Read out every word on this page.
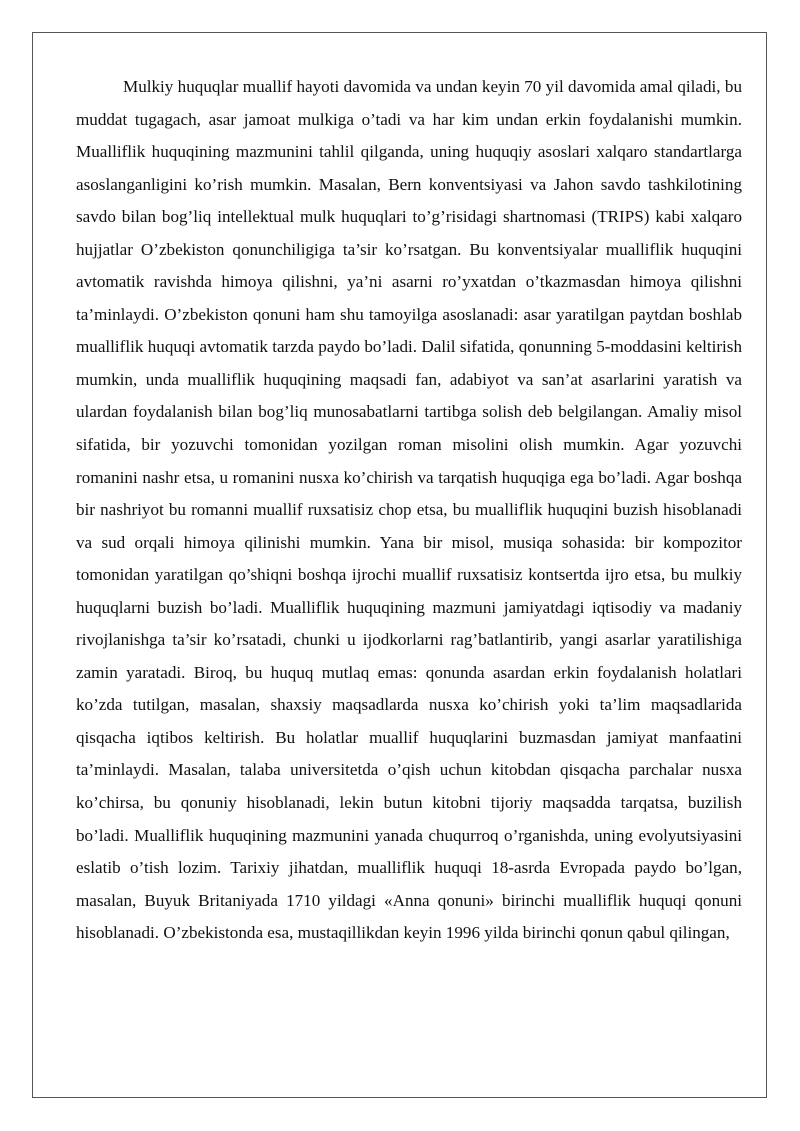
Mulkiy huquqlar muallif hayoti davomida va undan keyin 70 yil davomida amal qiladi, bu muddat tugagach, asar jamoat mulkiga o’tadi va har kim undan erkin foydalanishi mumkin. Mualliflik huquqining mazmunini tahlil qilganda, uning huquqiy asoslari xalqaro standartlarga asoslanganligini ko’rish mumkin. Masalan, Bern konventsiyasi va Jahon savdo tashkilotining savdo bilan bog’liq intellektual mulk huquqlari to’g’risidagi shartnomasi (TRIPS) kabi xalqaro hujjatlar O’zbekiston qonunchiligiga ta’sir ko’rsatgan. Bu konventsiyalar mualliflik huquqini avtomatik ravishda himoya qilishni, ya’ni asarni ro’yxatdan o’tkazmasdan himoya qilishni ta’minlaydi. O’zbekiston qonuni ham shu tamoyilga asoslanadi: asar yaratilgan paytdan boshlab mualliflik huquqi avtomatik tarzda paydo bo’ladi. Dalil sifatida, qonunning 5-moddasini keltirish mumkin, unda mualliflik huquqining maqsadi fan, adabiyot va san’at asarlarini yaratish va ulardan foydalanish bilan bog’liq munosabatlarni tartibga solish deb belgilangan. Amaliy misol sifatida, bir yozuvchi tomonidan yozilgan roman misolini olish mumkin. Agar yozuvchi romanini nashr etsa, u romanini nusxa ko’chirish va tarqatish huquqiga ega bo’ladi. Agar boshqa bir nashriyot bu romanni muallif ruxsatisiz chop etsa, bu mualliflik huquqini buzish hisoblanadi va sud orqali himoya qilinishi mumkin. Yana bir misol, musiqa sohasida: bir kompozitor tomonidan yaratilgan qo’shiqni boshqa ijrochi muallif ruxsatisiz kontsertda ijro etsa, bu mulkiy huquqlarni buzish bo’ladi. Mualliflik huquqining mazmuni jamiyatdagi iqtisodiy va madaniy rivojlanishga ta’sir ko’rsatadi, chunki u ijodkorlarni rag’batlantirib, yangi asarlar yaratilishiga zamin yaratadi. Biroq, bu huquq mutlaq emas: qonunda asardan erkin foydalanish holatlari ko’zda tutilgan, masalan, shaxsiy maqsadlarda nusxa ko’chirish yoki ta’lim maqsadlarida qisqacha iqtibos keltirish. Bu holatlar muallif huquqlarini buzmasdan jamiyat manfaatini ta’minlaydi. Masalan, talaba universitetda o’qish uchun kitobdan qisqacha parchalar nusxa ko’chirsa, bu qonuniy hisoblanadi, lekin butun kitobni tijoriy maqsadda tarqatsa, buzilish bo’ladi. Mualliflik huquqining mazmunini yanada chuqurroq o’rganishda, uning evolyutsiyasini eslatib o’tish lozim. Tarixiy jihatdan, mualliflik huquqi 18-asrda Evropada paydo bo’lgan, masalan, Buyuk Britaniyada 1710 yildagi «Anna qonuni» birinchi mualliflik huquqi qonuni hisoblanadi. O’zbekistonda esa, mustaqillikdan keyin 1996 yilda birinchi qonun qabul qilingan,
